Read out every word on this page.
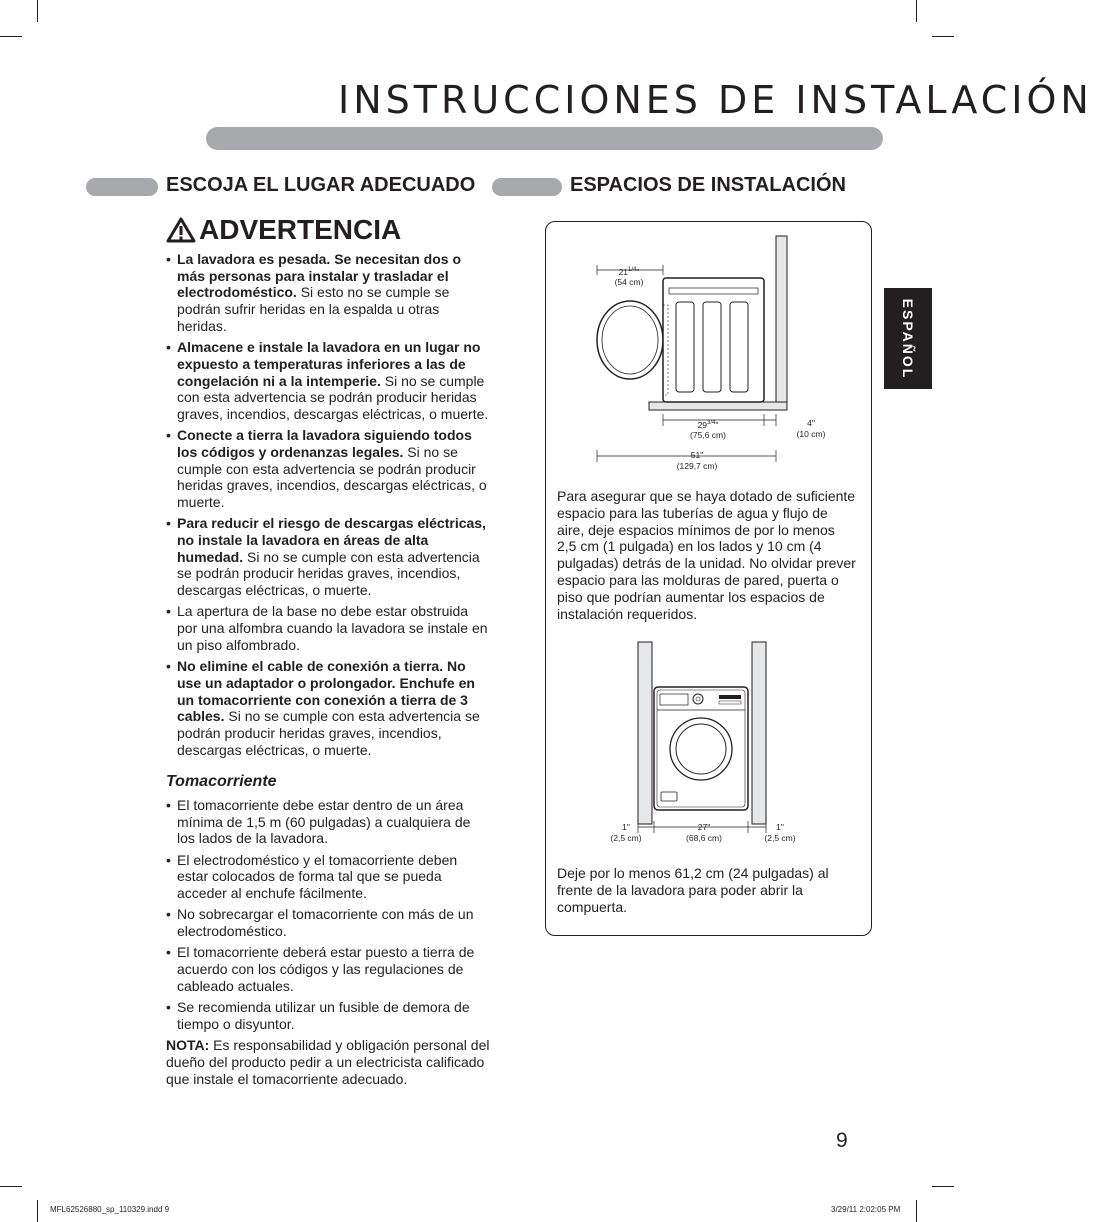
INSTRUCCIONES DE INSTALACIÓN
ESCOJA EL LUGAR ADECUADO	ESPACIOS DE INSTALACIÓN
ADVERTENCIA
• La lavadora es pesada. Se necesitan dos o más personas para instalar y trasladar el electrodoméstico. Si esto no se cumple se podrán sufrir heridas en la espalda u otras heridas.
• Almacene e instale la lavadora en un lugar no expuesto a temperaturas inferiores a las de congelación ni a la intemperie. Si no se cumple con esta advertencia se podrán producir heridas graves, incendios, descargas eléctricas, o muerte.
• Conecte a tierra la lavadora siguiendo todos los códigos y ordenanzas legales. Si no se cumple con esta advertencia se podrán producir heridas graves, incendios, descargas eléctricas, o muerte.
• Para reducir el riesgo de descargas eléctricas, no instale la lavadora en áreas de alta humedad. Si no se cumple con esta advertencia se podrán producir heridas graves, incendios, descargas eléctricas, o muerte.
• La apertura de la base no debe estar obstruida por una alfombra cuando la lavadora se instale en un piso alfombrado.
• No elimine el cable de conexión a tierra. No use un adaptador o prolongador. Enchufe en un tomacorriente con conexión a tierra de 3 cables. Si no se cumple con esta advertencia se podrán producir heridas graves, incendios, descargas eléctricas, o muerte.
Tomacorriente
• El tomacorriente debe estar dentro de un área mínima de 1,5 m (60 pulgadas) a cualquiera de los lados de la lavadora.
• El electrodoméstico y el tomacorriente deben estar colocados de forma tal que se pueda acceder al enchufe fácilmente.
• No sobrecargar el tomacorriente con más de un electrodoméstico.
• El tomacorriente deberá estar puesto a tierra de acuerdo con los códigos y las regulaciones de cableado actuales.
• Se recomienda utilizar un fusible de demora de tiempo o disyuntor.
NOTA: Es responsabilidad y obligación personal del dueño del producto pedir a un electricista calificado que instale el tomacorriente adecuado.
$21^{1/4}$"
(54 cm)
$29^{3/4}$"
(75,6 cm)
4"
(10 cm)
51"
(129,7 cm)
Para asegurar que se haya dotado de suficiente espacio para las tuberías de agua y flujo de aire, deje espacios mínimos de por lo menos 2,5 cm (1 pulgada) en los lados y 10 cm (4 pulgadas) detrás de la unidad. No olvidar prever espacio para las molduras de pared, puerta o piso que podrían aumentar los espacios de instalación requeridos.
1"
(2,5 cm)
27"
(68,6 cm)
1"
(2,5 cm)
Deje por lo menos 61,2 cm (24 pulgadas) al frente de la lavadora para poder abrir la compuerta.
ESPAÑOL
9
MFL62526880_sp_110329.indd 9	3/29/11 2:02:05 PM
